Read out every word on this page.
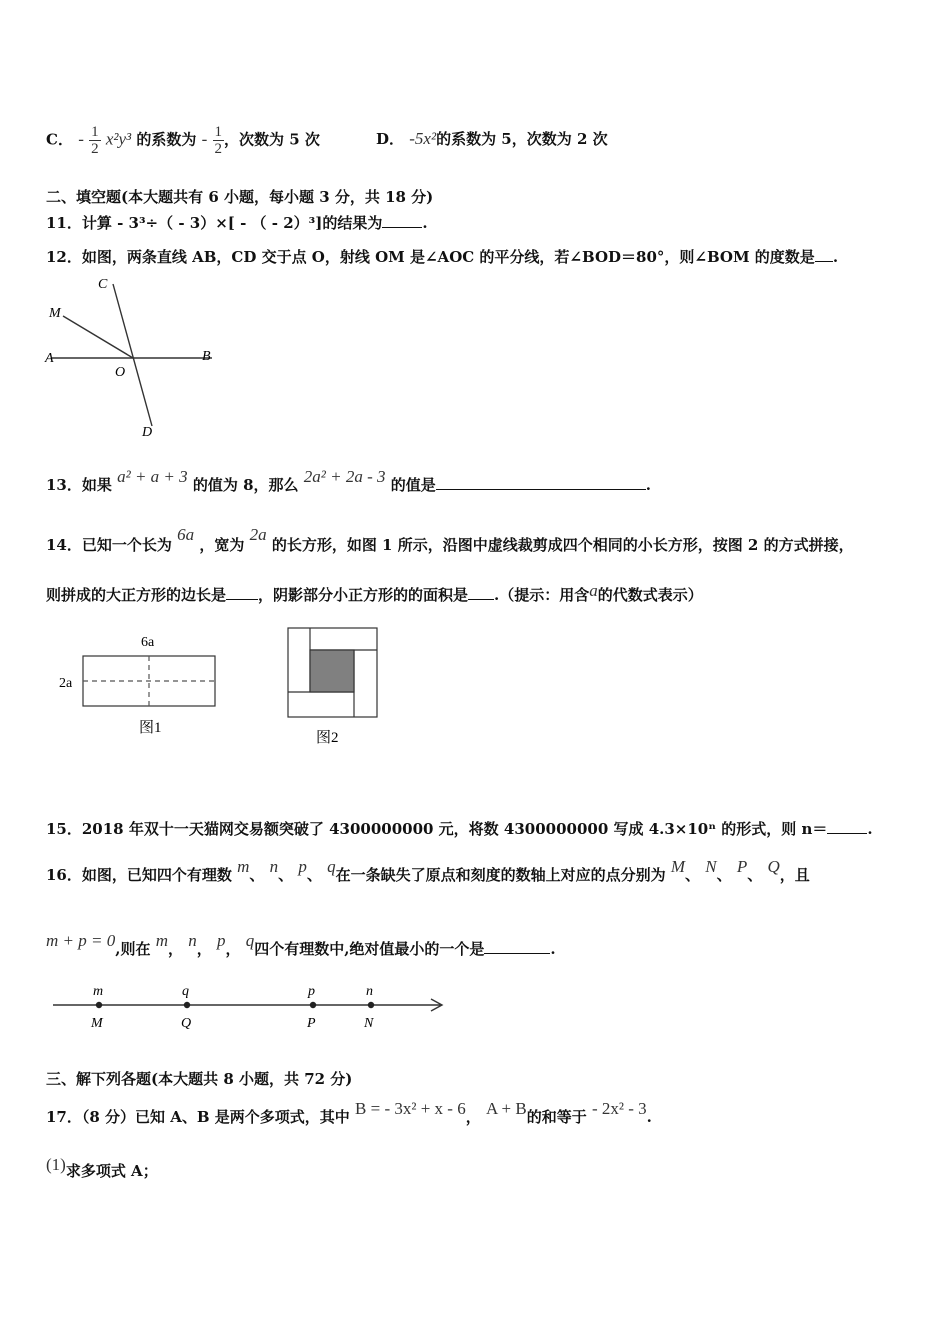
C． - $\frac{1}{2} x^2y^3$ 的系数为 - $\frac{1}{2}$ ，次数为 5 次	D． -5x²的系数为 5，次数为 2 次
二、填空题(本大题共有 6 小题，每小题 3 分，共 18 分)
11．计算 - 3³÷（ - 3）×[ - （ - 2）³]的结果为	.
12．如图，两条直线 AB，CD 交于点 O，射线 OM 是∠AOC 的平分线，若∠BOD＝80°，则∠BOM 的度数是 .
C
M
A	B
O
D
13．如果 a² + a + 3 的值为 8，那么 2a² + 2a - 3 的值是	.
14．已知一个长为 6a ，宽为 2a 的长方形，如图 1 所示，沿图中虚线裁剪成四个相同的小长方形，按图 2 的方式拼接，
则拼成的大正方形的边长是 ，阴影部分小正方形的的面积是 .（提示：用含a的代数式表示）
6a
2a
图1
图2
15．2018 年双十一天猫网交易额突破了 4300000000 元，将数 4300000000 写成 4.3×10ⁿ 的形式，则 n＝	.
16．如图，已知四个有理数 m、 n、 p、 q在一条缺失了原点和刻度的数轴上对应的点分别为 M、 N、 P、 Q，且
m + p = 0,则在 m， n， p， q四个有理数中,绝对值最小的一个是	.
m	q	p	n
M	Q	P	N
三、解下列各题(本大题共 8 小题，共 72 分)
17．（8 分）已知 A、B 是两个多项式，其中 B = - 3x² + x - 6， A + B的和等于 - 2x² - 3.
(1)求多项式 A；
